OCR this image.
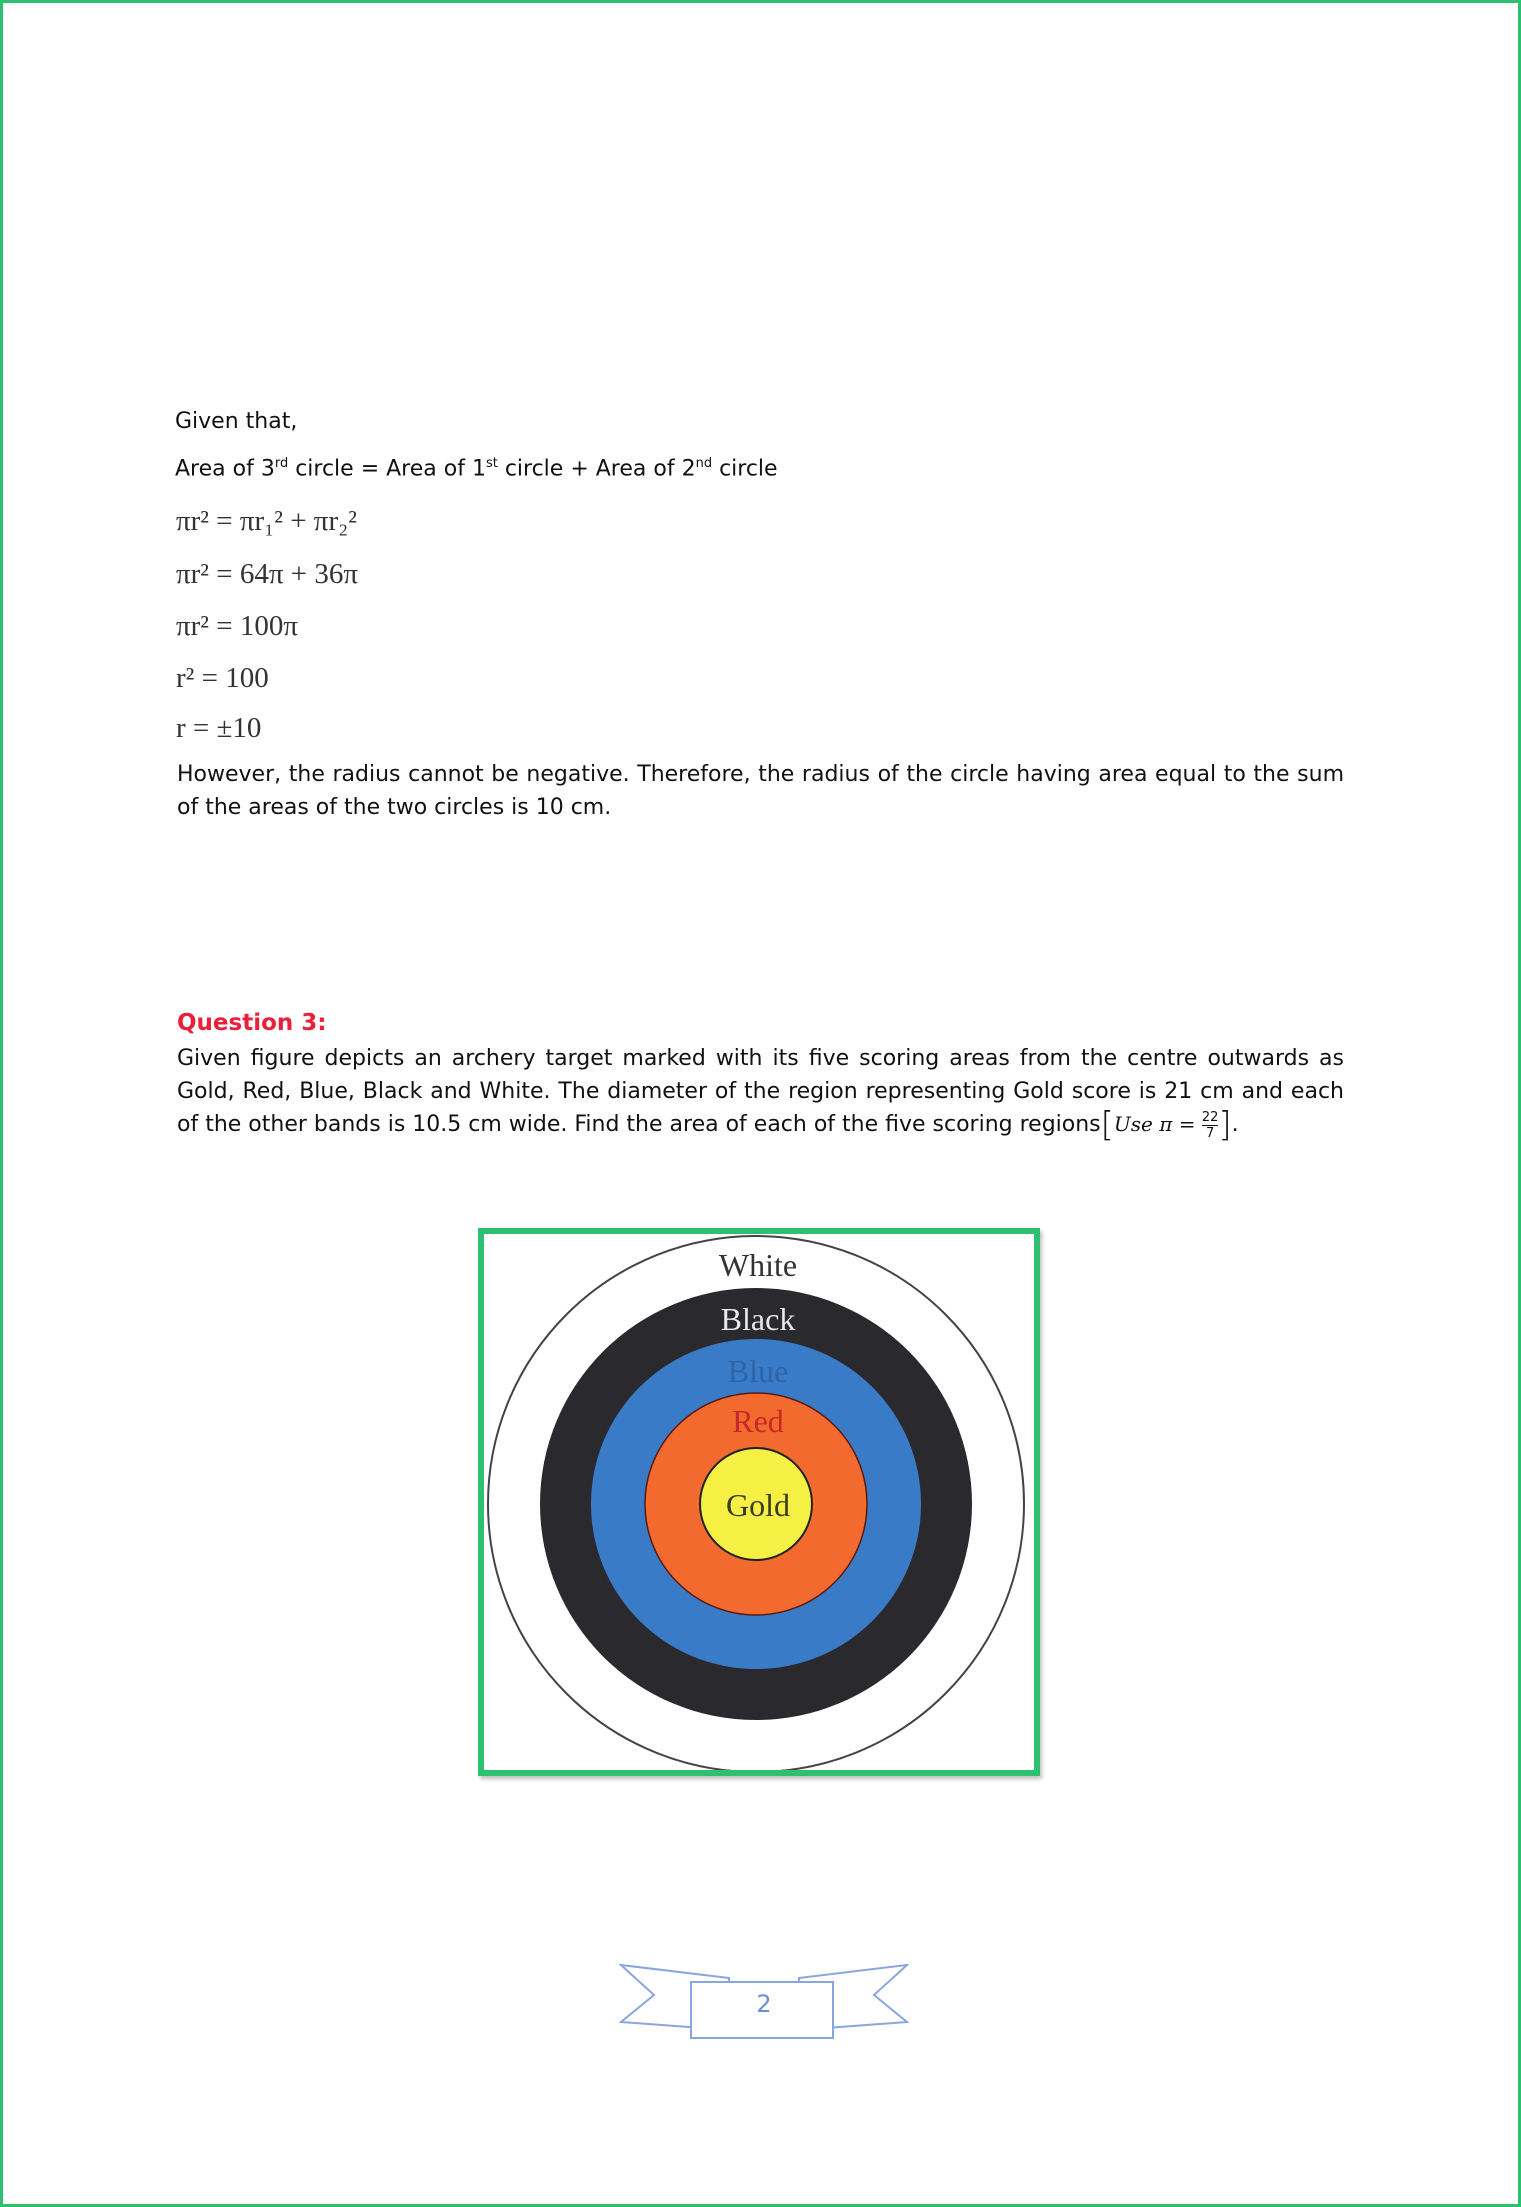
Given that,
Area of 3rd circle = Area of 1st circle + Area of 2nd circle
πr² = πr₁² + πr₂²
πr² = 64π + 36π
πr² = 100π
r² = 100
r = ±10
However, the radius cannot be negative. Therefore, the radius of the circle having area equal to the sum of the areas of the two circles is 10 cm.
Question 3:
Given figure depicts an archery target marked with its five scoring areas from the centre outwards as Gold, Red, Blue, Black and White. The diameter of the region representing Gold score is 21 cm and each of the other bands is 10.5 cm wide. Find the area of each of the five scoring regions[Use $\pi = \frac{22}{7}$ ].
White
Black
Blue
Red
Gold
2
